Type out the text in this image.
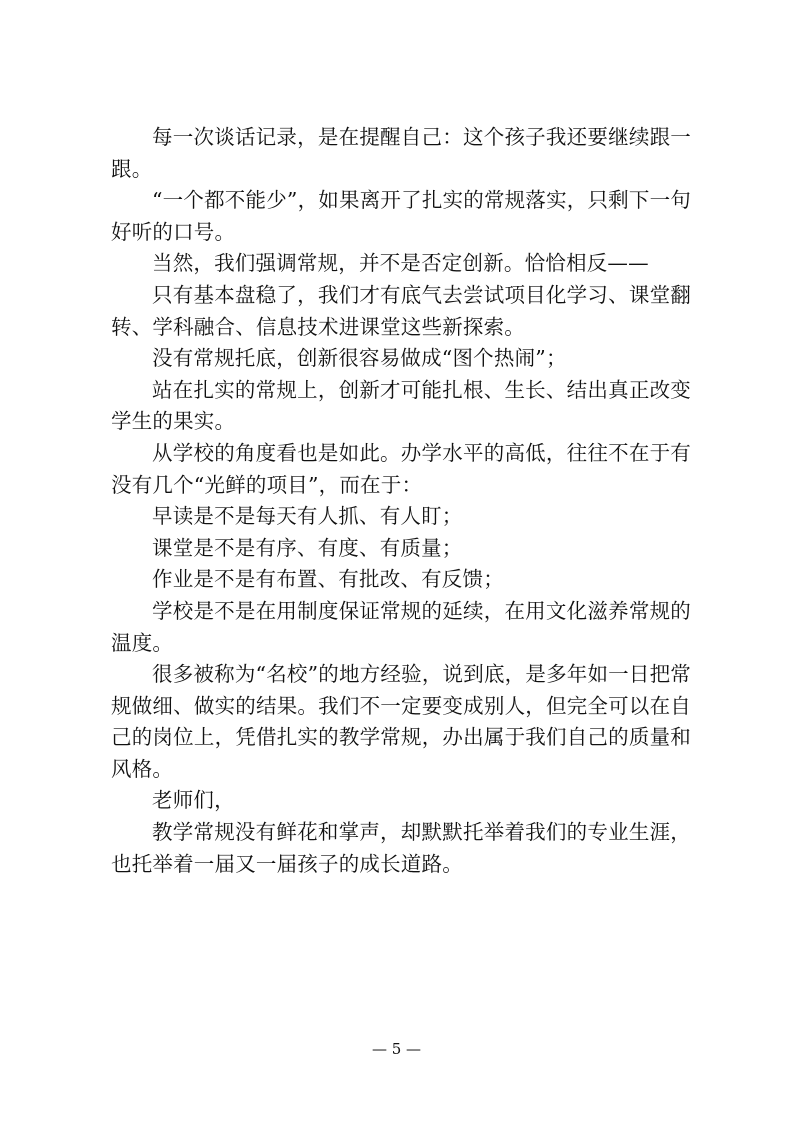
每一次谈话记录，是在提醒自己：这个孩子我还要继续跟一跟。

“一个都不能少”，如果离开了扎实的常规落实，只剩下一句好听的口号。

当然，我们强调常规，并不是否定创新。恰恰相反——

只有基本盘稳了，我们才有底气去尝试项目化学习、课堂翻转、学科融合、信息技术进课堂这些新探索。

没有常规托底，创新很容易做成“图个热闹”；

站在扎实的常规上，创新才可能扎根、生长、结出真正改变学生的果实。

从学校的角度看也是如此。办学水平的高低，往往不在于有没有几个“光鲜的项目”，而在于：

早读是不是每天有人抓、有人盯；

课堂是不是有序、有度、有质量；

作业是不是有布置、有批改、有反馈；

学校是不是在用制度保证常规的延续，在用文化滋养常规的温度。

很多被称为“名校”的地方经验，说到底，是多年如一日把常规做细、做实的结果。我们不一定要变成别人，但完全可以在自己的岗位上，凭借扎实的教学常规，办出属于我们自己的质量和风格。

老师们，

教学常规没有鲜花和掌声，却默默托举着我们的专业生涯，也托举着一届又一届孩子的成长道路。

— 5 —
